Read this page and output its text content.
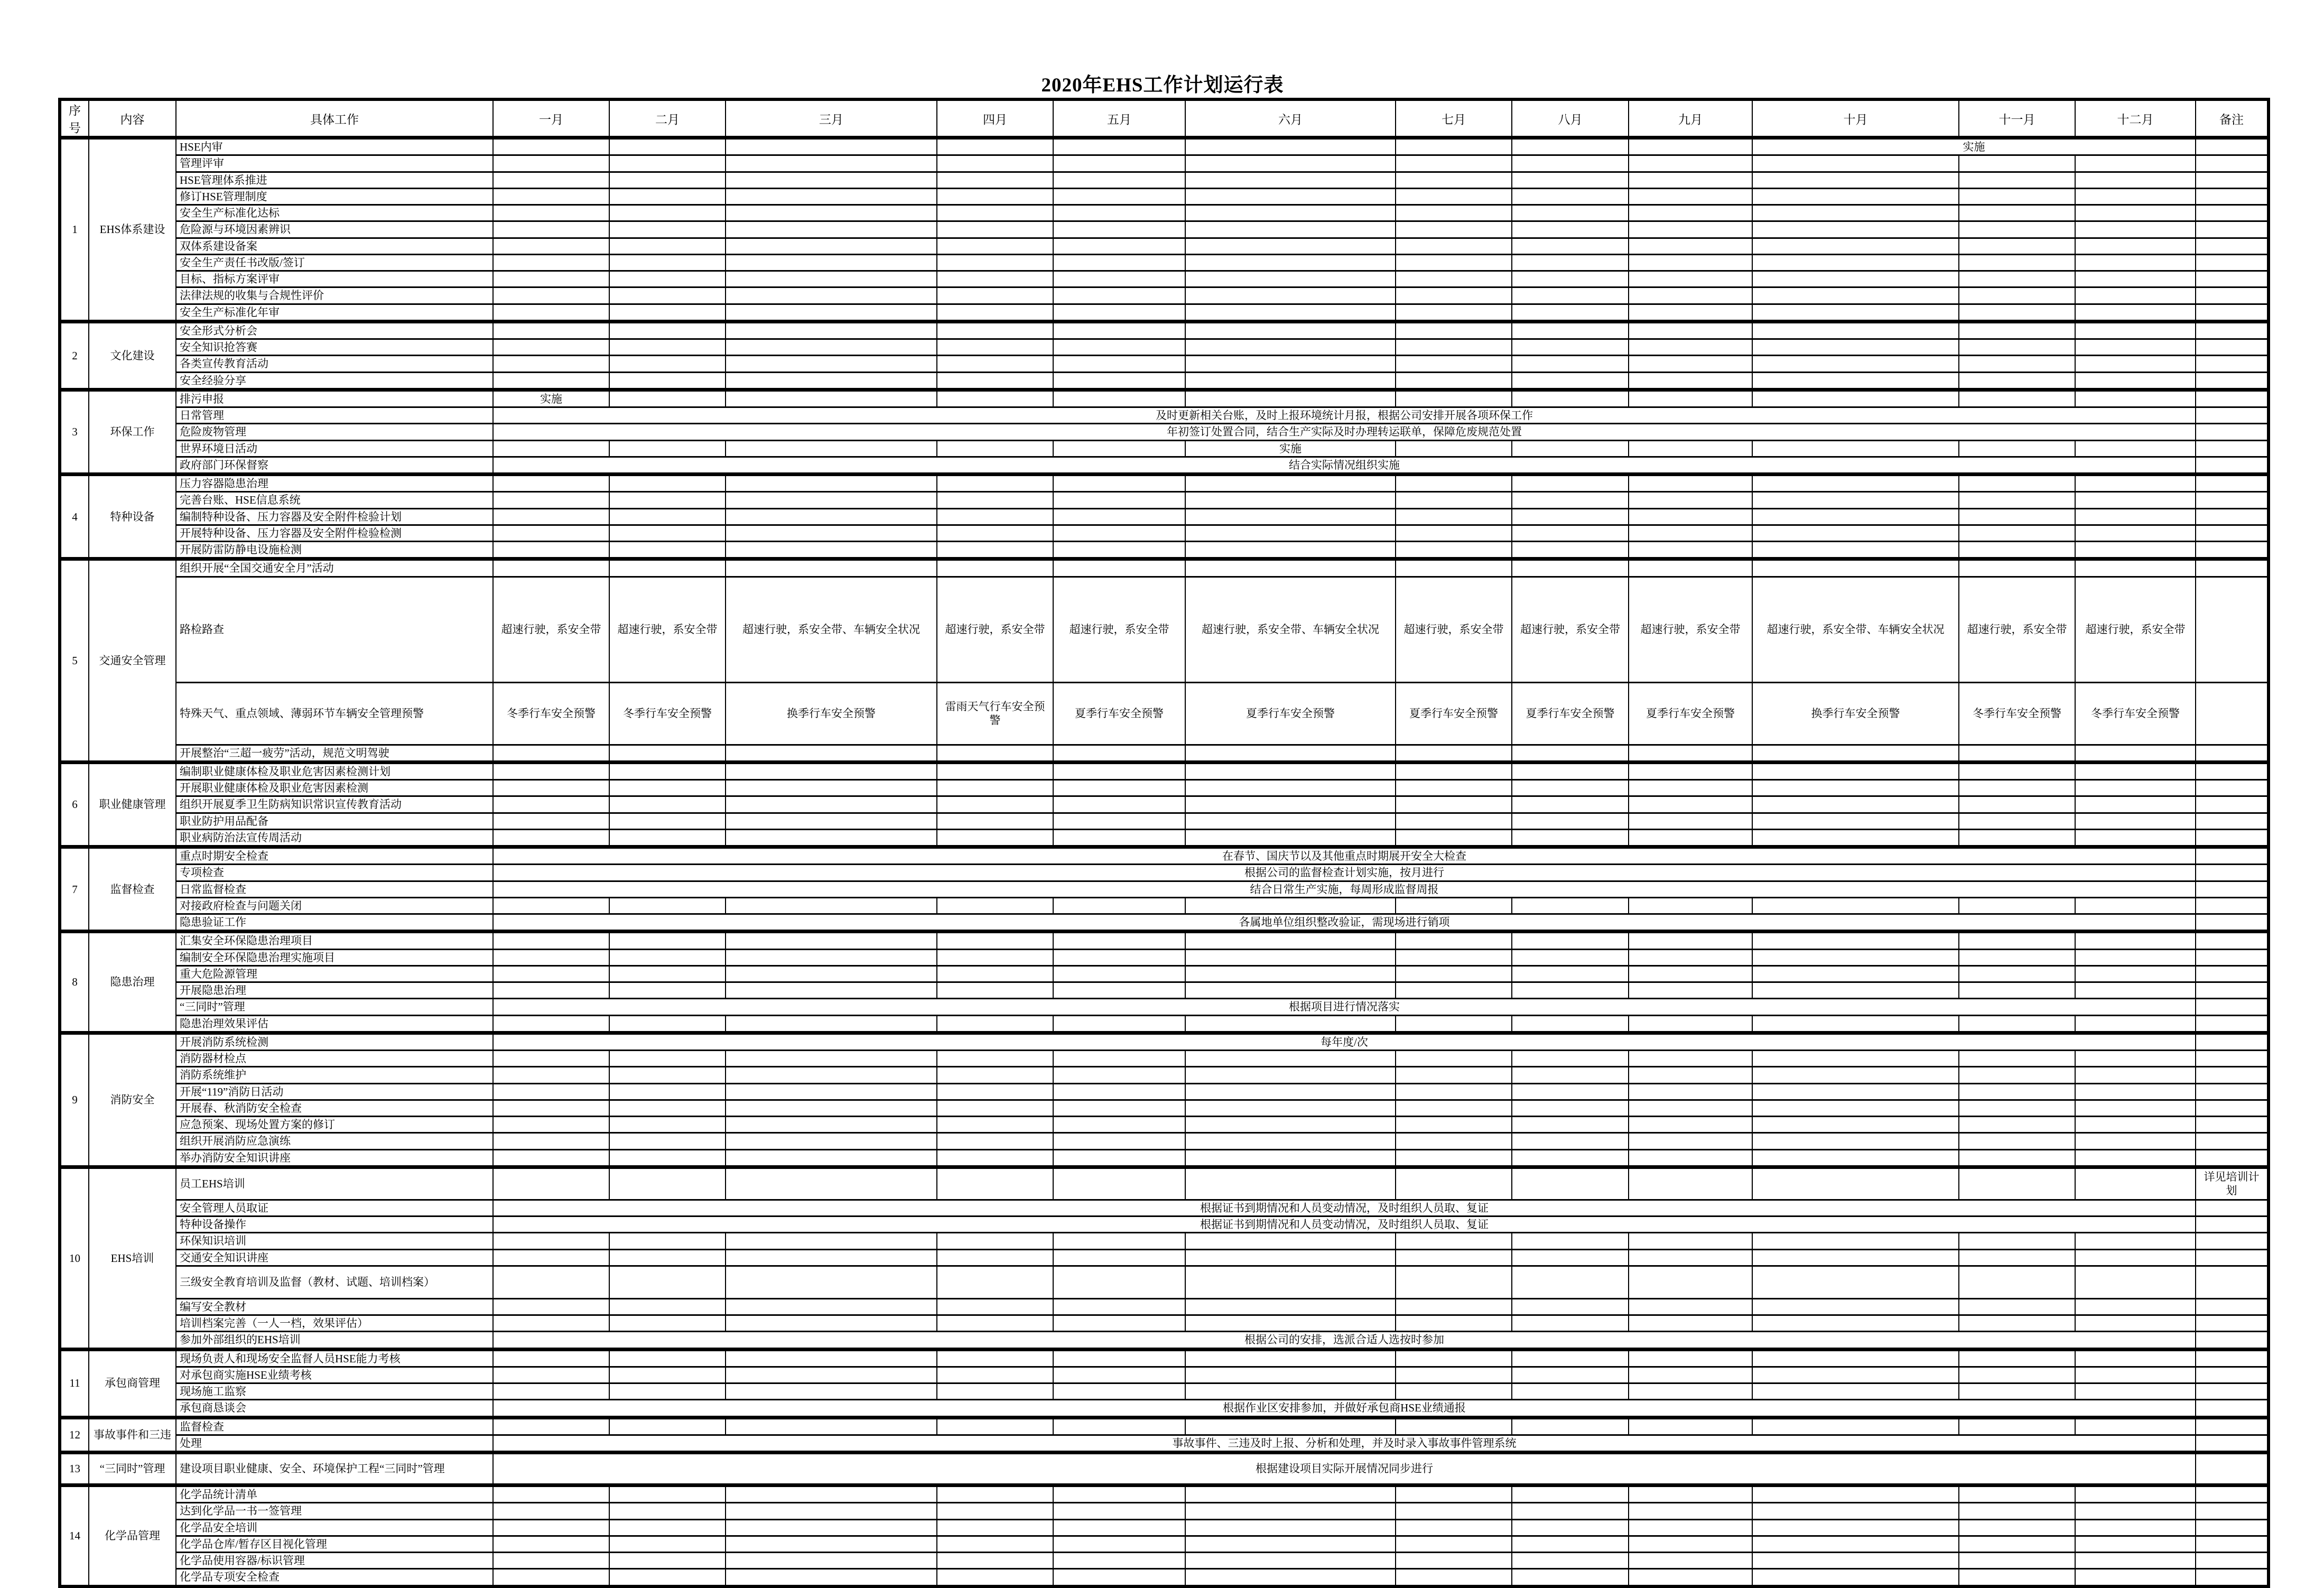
2020年EHS工作计划运行表
序号	内容	具体工作	一月	二月	三月	四月	五月	六月	七月	八月	九月	十月	十一月	十二月	备注
1	EHS体系建设	HSE内审										实施			
		管理评审													
		HSE管理体系推进													
		修订HSE管理制度													
		安全生产标准化达标													
		危险源与环境因素辨识													
		双体系建设备案													
		安全生产责任书改版/签订													
		目标、指标方案评审													
		法律法规的收集与合规性评价													
		安全生产标准化年审													
2	文化建设	安全形式分析会													
		安全知识抢答赛													
		各类宣传教育活动													
		安全经验分享													
3	环保工作	排污申报	实施												
		日常管理	及时更新相关台账，及时上报环境统计月报，根据公司安排开展各项环保工作												
		危险废物管理	年初签订处置合同，结合生产实际及时办理转运联单，保障危废规范处置												
		世界环境日活动						实施							
		政府部门环保督察	结合实际情况组织实施												
4	特种设备	压力容器隐患治理													
		完善台账、HSE信息系统													
		编制特种设备、压力容器及安全附件检验计划													
		开展特种设备、压力容器及安全附件检验检测													
		开展防雷防静电设施检测													
5	交通安全管理	组织开展“全国交通安全月”活动													
		路检路查	超速行驶，系安全带	超速行驶，系安全带	超速行驶，系安全带、车辆安全状况	超速行驶，系安全带	超速行驶，系安全带	超速行驶，系安全带、车辆安全状况	超速行驶，系安全带	超速行驶，系安全带	超速行驶，系安全带	超速行驶，系安全带、车辆安全状况	超速行驶，系安全带	超速行驶，系安全带	
		特殊天气、重点领域、薄弱环节车辆安全管理预警	冬季行车安全预警	冬季行车安全预警	换季行车安全预警	雷雨天气行车安全预警	夏季行车安全预警	夏季行车安全预警	夏季行车安全预警	夏季行车安全预警	夏季行车安全预警	换季行车安全预警	冬季行车安全预警	冬季行车安全预警	
		开展整治“三超一疲劳”活动，规范文明驾驶													
6	职业健康管理	编制职业健康体检及职业危害因素检测计划													
		开展职业健康体检及职业危害因素检测													
		组织开展夏季卫生防病知识常识宣传教育活动													
		职业防护用品配备													
		职业病防治法宣传周活动													
7	监督检查	重点时期安全检查	在春节、国庆节以及其他重点时期展开安全大检查												
		专项检查	根据公司的监督检查计划实施，按月进行												
		日常监督检查	结合日常生产实施，每周形成监督周报												
		对接政府检查与问题关闭													
		隐患验证工作	各属地单位组织整改验证，需现场进行销项												
8	隐患治理	汇集安全环保隐患治理项目													
		编制安全环保隐患治理实施项目													
		重大危险源管理													
		开展隐患治理													
		“三同时”管理	根据项目进行情况落实												
		隐患治理效果评估													
9	消防安全	开展消防系统检测	每年度/次												
		消防器材检点													
		消防系统维护													
		开展“119”消防日活动													
		开展春、秋消防安全检查													
		应急预案、现场处置方案的修订													
		组织开展消防应急演练													
		举办消防安全知识讲座													
10	EHS培训	员工EHS培训													详见培训计划
		安全管理人员取证	根据证书到期情况和人员变动情况，及时组织人员取、复证												
		特种设备操作	根据证书到期情况和人员变动情况，及时组织人员取、复证												
		环保知识培训													
		交通安全知识讲座													
		三级安全教育培训及监督（教材、试题、培训档案）													
		编写安全教材													
		培训档案完善（一人一档，效果评估）													
		参加外部组织的EHS培训	根据公司的安排，选派合适人选按时参加												
11	承包商管理	现场负责人和现场安全监督人员HSE能力考核													
		对承包商实施HSE业绩考核													
		现场施工监察													
		承包商恳谈会	根据作业区安排参加，并做好承包商HSE业绩通报												
12	事故事件和三违	监督检查													
		处理	事故事件、三违及时上报、分析和处理，并及时录入事故事件管理系统												
13	“三同时”管理	建设项目职业健康、安全、环境保护工程“三同时”管理	根据建设项目实际开展情况同步进行												
14	化学品管理	化学品统计清单													
		达到化学品一书一签管理													
		化学品安全培训													
		化学品仓库/暂存区目视化管理													
		化学品使用容器/标识管理													
		化学品专项安全检查													
